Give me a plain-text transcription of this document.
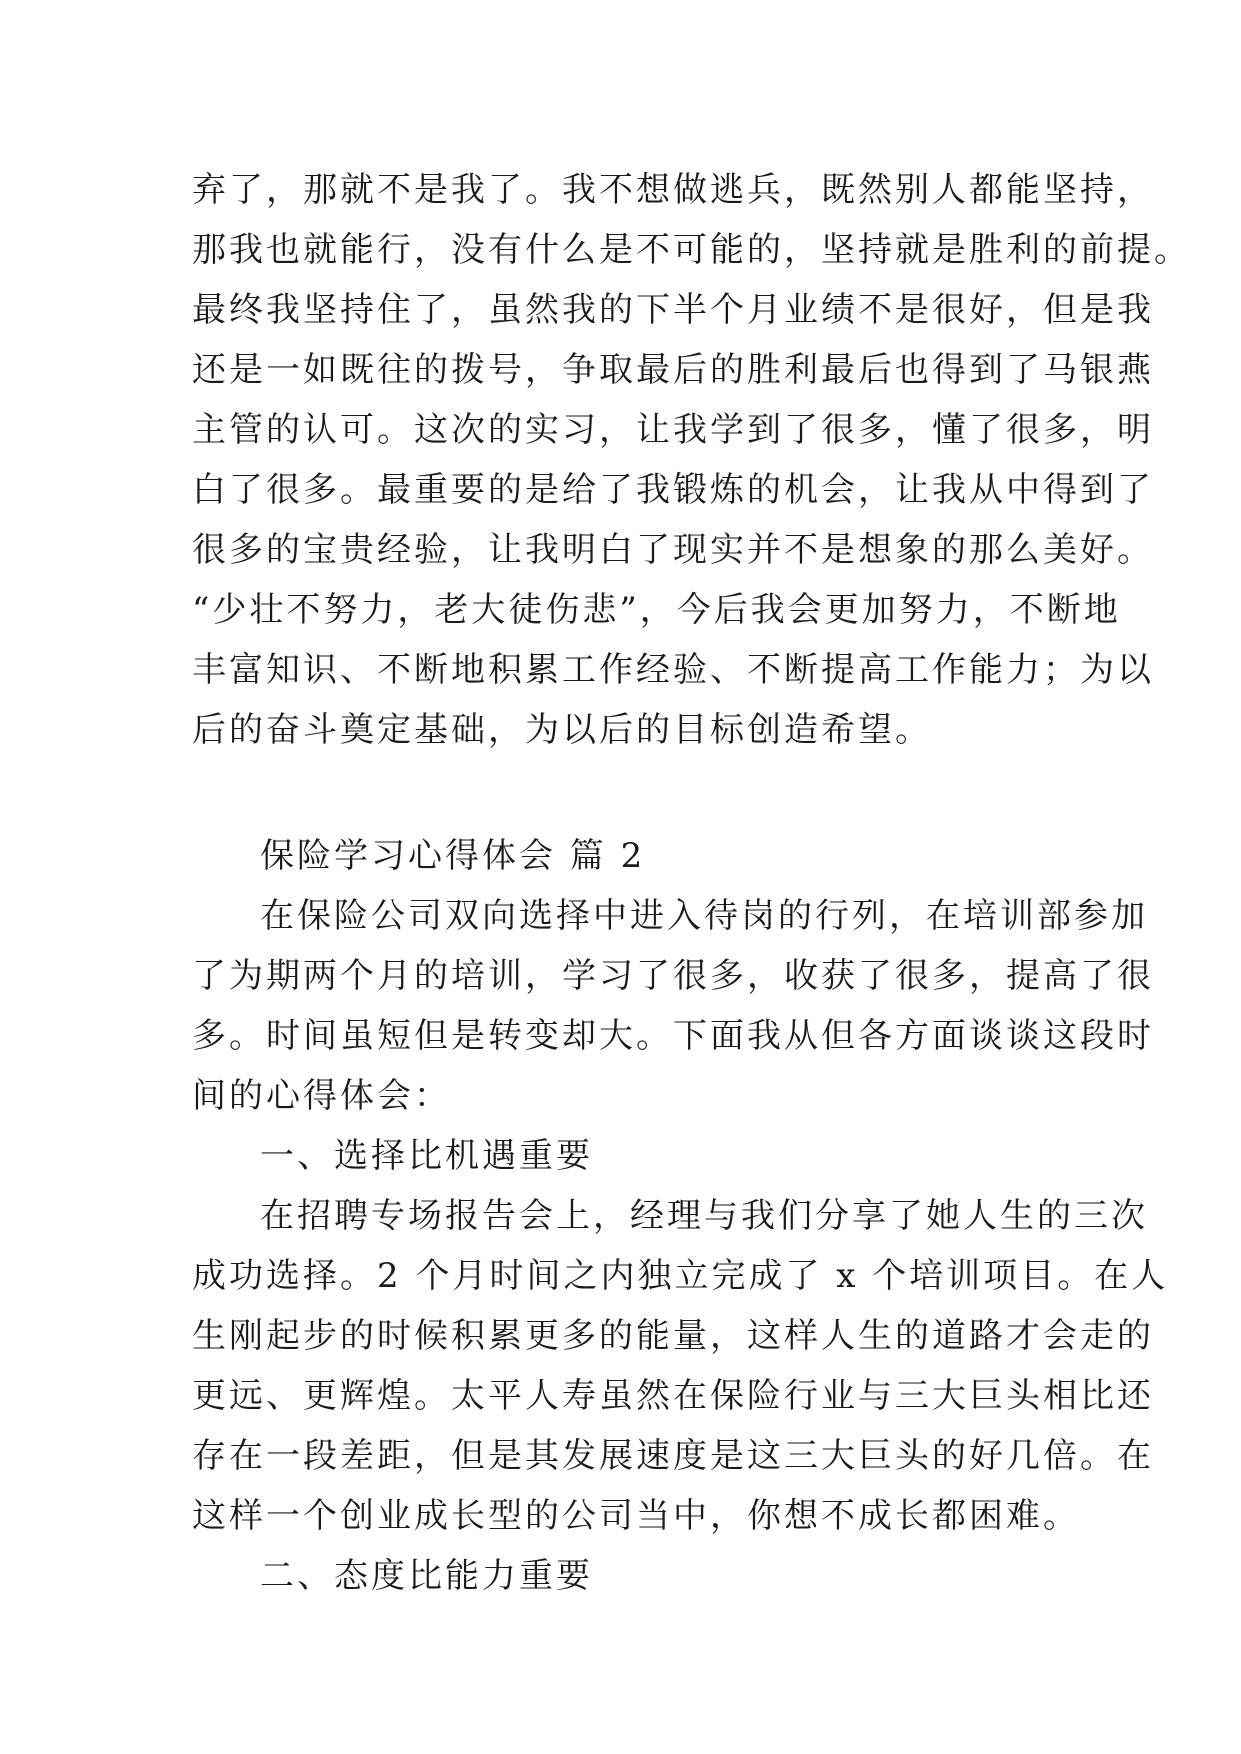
弃了，那就不是我了。我不想做逃兵，既然别人都能坚持，
那我也就能行，没有什么是不可能的，坚持就是胜利的前提。
最终我坚持住了，虽然我的下半个月业绩不是很好，但是我
还是一如既往的拨号，争取最后的胜利最后也得到了马银燕
主管的认可。这次的实习，让我学到了很多，懂了很多，明
白了很多。最重要的是给了我锻炼的机会，让我从中得到了
很多的宝贵经验，让我明白了现实并不是想象的那么美好。
“少壮不努力，老大徒伤悲”，今后我会更加努力，不断地
丰富知识、不断地积累工作经验、不断提高工作能力；为以
后的奋斗奠定基础，为以后的目标创造希望。
保险学习心得体会 篇 2
在保险公司双向选择中进入待岗的行列，在培训部参加
了为期两个月的培训，学习了很多，收获了很多，提高了很
多。时间虽短但是转变却大。下面我从但各方面谈谈这段时
间的心得体会：
一、选择比机遇重要
在招聘专场报告会上，经理与我们分享了她人生的三次
成功选择。2 个月时间之内独立完成了 x 个培训项目。在人
生刚起步的时候积累更多的能量，这样人生的道路才会走的
更远、更辉煌。太平人寿虽然在保险行业与三大巨头相比还
存在一段差距，但是其发展速度是这三大巨头的好几倍。在
这样一个创业成长型的公司当中，你想不成长都困难。
二、态度比能力重要
